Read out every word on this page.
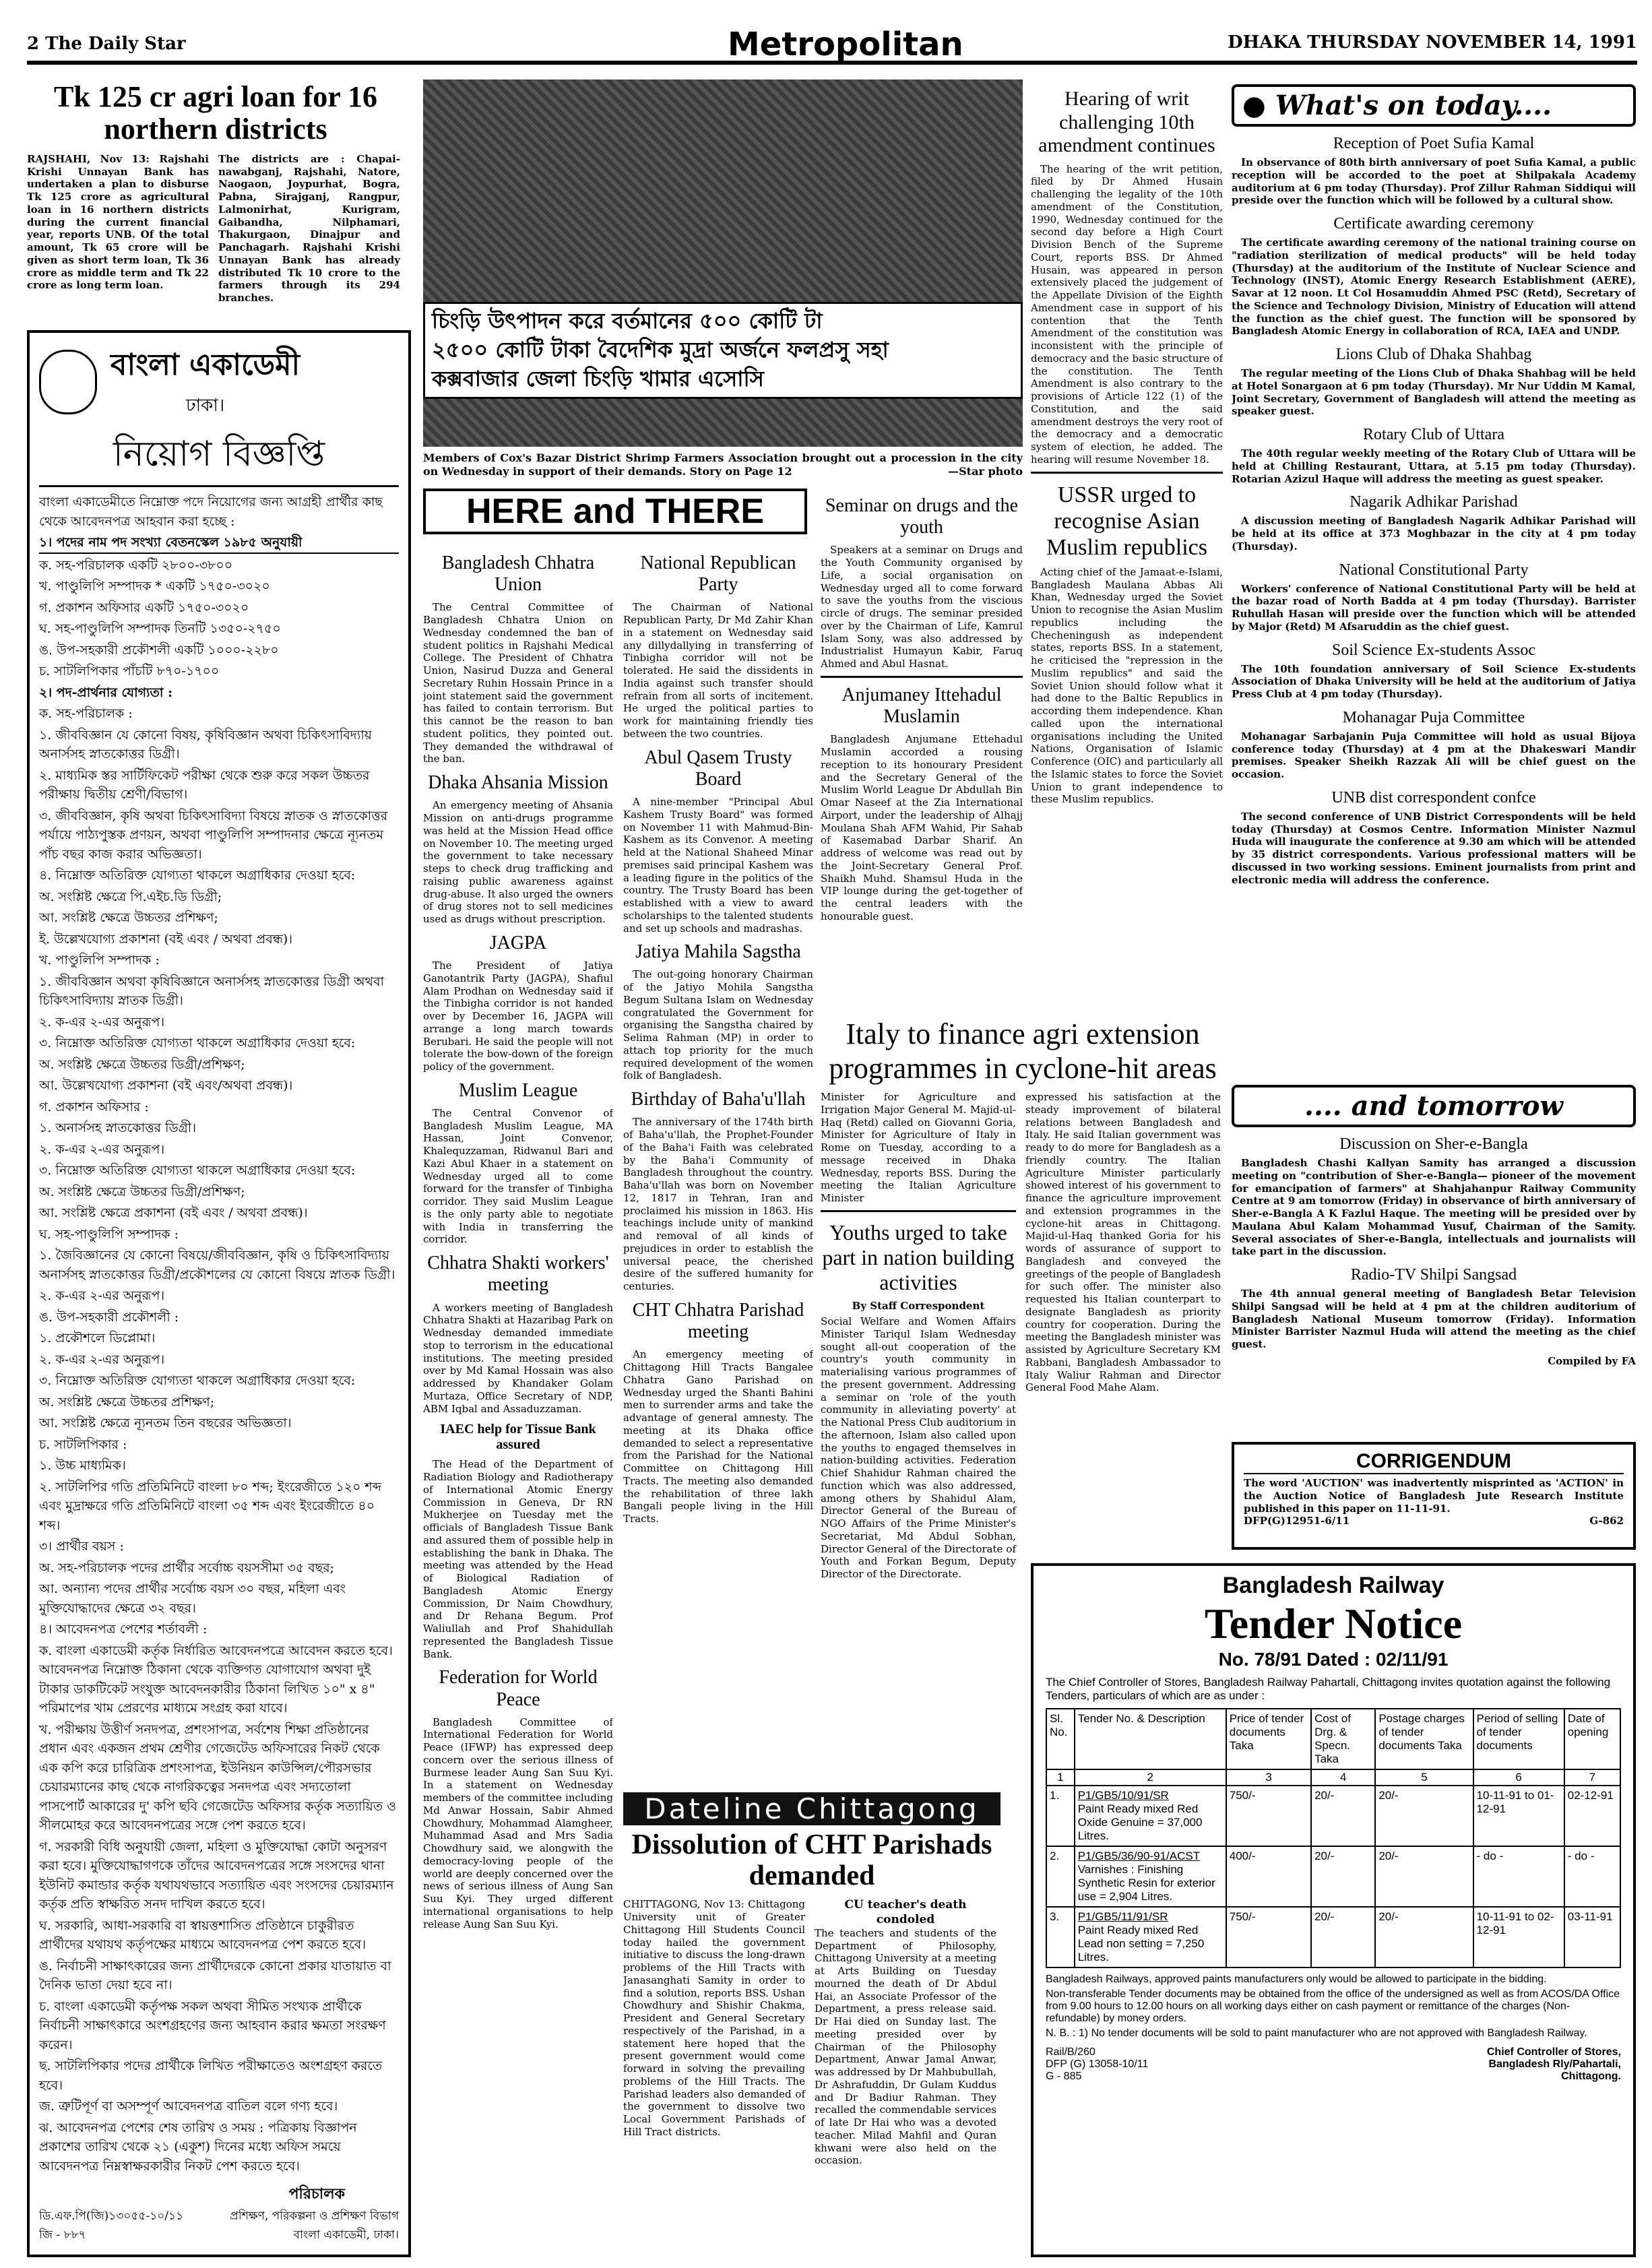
2 The Daily Star	Metropolitan	DHAKA THURSDAY NOVEMBER 14, 1991
Tk 125 cr agri loan for 16 northern districts
RAJSHAHI, Nov 13: Rajshahi Krishi Unnayan Bank has undertaken a plan to disburse Tk 125 crore as agricultural loan in 16 northern districts during the current financial year, reports UNB. Of the total amount, Tk 65 crore will be given as short term loan, Tk 36 crore as middle term and Tk 22 crore as long term loan.
The districts are : Chapai-nawabganj, Rajshahi, Natore, Naogaon, Joypurhat, Bogra, Pabna, Sirajganj, Rangpur, Lalmonirhat, Kurigram, Gaibandha, Nilphamari, Thakurgaon, Dinajpur and Panchagarh. Rajshahi Krishi Unnayan Bank has already distributed Tk 10 crore to the farmers through its 294 branches.
বাংলা একাডেমী
ঢাকা।
নিয়োগ বিজ্ঞপ্তি

বাংলা একাডেমীতে নিম্নোক্ত পদে নিয়োগের জন্য আগ্রহী প্রার্থীর কাছ থেকে আবেদনপত্র আহবান করা হচ্ছে :

১। পদের নাম পদ সংখ্যা বেতনস্কেল ১৯৮৫ অনুযায়ী

ক. সহ-পরিচালক একটি ২৮০০-৩৮০০

খ. পাণ্ডুলিপি সম্পাদক * একটি ১৭৫০-৩০২০

গ. প্রকাশন অফিসার একটি ১৭৫০-৩০২০

ঘ. সহ-পাণ্ডুলিপি সম্পাদক তিনটি ১৩৫০-২৭৫০

ঙ. উপ-সহকারী প্রকৌশলী একটি ১০০০-২২৮০

চ. সাটলিপিকার পাঁচটি ৮৭০-১৭০০

২। পদ-প্রার্থনার যোগ্যতা :

ক. সহ-পরিচালক :

১. জীববিজ্ঞান যে কোনো বিষয়, কৃষিবিজ্ঞান অথবা চিকিৎসাবিদ্যায় অনার্সসহ স্নাতকোত্তর ডিগ্রী।

২. মাধ্যমিক স্তর সার্টিফিকেট পরীক্ষা থেকে শুরু করে সকল উচ্চতর পরীক্ষায় দ্বিতীয় শ্রেণী/বিভাগ।

৩. জীববিজ্ঞান, কৃষি অথবা চিকিৎসাবিদ্যা বিষয়ে স্নাতক ও স্নাতকোত্তর পর্যায়ে পাঠ্যপুস্তক প্রণয়ন, অথবা পাণ্ডুলিপি সম্পাদনার ক্ষেত্রে ন্যূনতম পাঁচ বছর কাজ করার অভিজ্ঞতা।

৪. নিম্নোক্ত অতিরিক্ত যোগ্যতা থাকলে অগ্রাধিকার দেওয়া হবে:

অ. সংশ্লিষ্ট ক্ষেত্রে পি.এইচ.ডি ডিগ্রী;

আ. সংশ্লিষ্ট ক্ষেত্রে উচ্চতর প্রশিক্ষণ;

ই. উল্লেখযোগ্য প্রকাশনা (বই এবং / অথবা প্রবন্ধ)।

খ. পাণ্ডুলিপি সম্পাদক :

১. জীববিজ্ঞান অথবা কৃষিবিজ্ঞানে অনার্সসহ স্নাতকোত্তর ডিগ্রী অথবা চিকিৎসাবিদ্যায় স্নাতক ডিগ্রী।

২. ক-এর ২-এর অনুরূপ।

৩. নিম্নোক্ত অতিরিক্ত যোগ্যতা থাকলে অগ্রাধিকার দেওয়া হবে:

অ. সংশ্লিষ্ট ক্ষেত্রে উচ্চতর ডিগ্রী/প্রশিক্ষণ;

আ. উল্লেখযোগ্য প্রকাশনা (বই এবং/অথবা প্রবন্ধ)।

গ. প্রকাশন অফিসার :

১. অনার্সসহ স্নাতকোত্তর ডিগ্রী।

২. ক-এর ২-এর অনুরূপ।

৩. নিম্নোক্ত অতিরিক্ত যোগ্যতা থাকলে অগ্রাধিকার দেওয়া হবে:

অ. সংশ্লিষ্ট ক্ষেত্রে উচ্চতর ডিগ্রী/প্রশিক্ষণ;

আ. সংশ্লিষ্ট ক্ষেত্রে প্রকাশনা (বই এবং / অথবা প্রবন্ধ)।

ঘ. সহ-পাণ্ডুলিপি সম্পাদক :

১. জৈবিজ্ঞানের যে কোনো বিষয়ে/জীববিজ্ঞান, কৃষি ও চিকিৎসাবিদ্যায় অনার্সসহ স্নাতকোত্তর ডিগ্রী/প্রকৌশলের যে কোনো বিষয়ে স্নাতক ডিগ্রী।

২. ক-এর ২-এর অনুরূপ।

ঙ. উপ-সহকারী প্রকৌশলী :

১. প্রকৌশলে ডিপ্লোমা।

২. ক-এর ২-এর অনুরূপ।

৩. নিম্নোক্ত অতিরিক্ত যোগ্যতা থাকলে অগ্রাধিকার দেওয়া হবে:

অ. সংশ্লিষ্ট ক্ষেত্রে উচ্চতর প্রশিক্ষণ;

আ. সংশ্লিষ্ট ক্ষেত্রে ন্যূনতম তিন বছরের অভিজ্ঞতা।

চ. সাটলিপিকার :

১. উচ্চ মাধ্যমিক।

২. সাটলিপির গতি প্রতিমিনিটে বাংলা ৮০ শব্দ; ইংরেজীতে ১২০ শব্দ এবং মুদ্রাক্ষরে গতি প্রতিমিনিটে বাংলা ৩৫ শব্দ এবং ইংরেজীতে ৪০ শব্দ।

৩। প্রার্থীর বয়স :

অ. সহ-পরিচালক পদের প্রার্থীর সর্বোচ্চ বয়সসীমা ৩৫ বছর;

আ. অন্যান্য পদের প্রার্থীর সর্বোচ্চ বয়স ৩০ বছর, মহিলা এবং মুক্তিযোদ্ধাদের ক্ষেত্রে ৩২ বছর।

৪। আবেদনপত্র পেশের শর্তাবলী :

ক. বাংলা একাডেমী কর্তৃক নির্ধারিত আবেদনপত্রে আবেদন করতে হবে। আবেদনপত্র নিম্নোক্ত ঠিকানা থেকে ব্যক্তিগত যোগাযোগ অথবা দুই টাকার ডাকটিকেট সংযুক্ত আবেদনকারীর ঠিকানা লিখিত ১০" x ৪" পরিমাপের খাম প্রেরণের মাধ্যমে সংগ্রহ করা যাবে।

খ. পরীক্ষায় উত্তীর্ণ সনদপত্র, প্রশংসাপত্র, সর্বশেষ শিক্ষা প্রতিষ্ঠানের প্রধান এবং একজন প্রথম শ্রেণীর গেজেটেড অফিসারের নিকট থেকে এক কপি করে চারিত্রিক প্রশংসাপত্র, ইউনিয়ন কাউন্সিল/পৌরসভার চেয়ারম্যানের কাছ থেকে নাগরিকত্বের সনদপত্র এবং সদ্যতোলা পাসপোর্ট আকারের দু' কপি ছবি গেজেটেড অফিসার কর্তৃক সত্যায়িত ও সীলমোহর করে আবেদনপত্রের সঙ্গে পেশ করতে হবে।

গ. সরকারী বিধি অনুযায়ী জেলা, মহিলা ও মুক্তিযোদ্ধা কোটা অনুসরণ করা হবে। মুক্তিযোদ্ধাগণকে তাঁদের আবেদনপত্রের সঙ্গে সংসদের থানা ইউনিট কমান্ডার কর্তৃক যথাযথভাবে সত্যায়িত এবং সংসদের চেয়ারম্যান কর্তৃক প্রতি স্বাক্ষরিত সনদ দাখিল করতে হবে।

ঘ. সরকারি, আধা-সরকারি বা স্বায়ত্তশাসিত প্রতিষ্ঠানে চাকুরীরত প্রার্থীদের যথাযথ কর্তৃপক্ষের মাধ্যমে আবেদনপত্র পেশ করতে হবে।

ঙ. নির্বাচনী সাক্ষাৎকারের জন্য প্রার্থীদেরকে কোনো প্রকার যাতায়াত বা দৈনিক ভাতা দেয়া হবে না।

চ. বাংলা একাডেমী কর্তৃপক্ষ সকল অথবা সীমিত সংখ্যক প্রার্থীকে নির্বাচনী সাক্ষাৎকারে অংশগ্রহণের জন্য আহবান করার ক্ষমতা সংরক্ষণ করেন।

ছ. সাটলিপিকার পদের প্রার্থীকে লিখিত পরীক্ষাতেও অংশগ্রহণ করতে হবে।

জ. ত্রুটিপূর্ণ বা অসম্পূর্ণ আবেদনপত্র বাতিল বলে গণ্য হবে।

ঝ. আবেদনপত্র পেশের শেষ তারিখ ও সময় : পত্রিকায় বিজ্ঞাপন প্রকাশের তারিখ থেকে ২১ (একুশ) দিনের মধ্যে অফিস সময়ে আবেদনপত্র নিম্নস্বাক্ষরকারীর নিকট পেশ করতে হবে।

পরিচালক
ডি.এফ.পি(জি)১৩০৫৫-১০/১১
জি - ৮৮৭
প্রশিক্ষণ, পরিকল্পনা ও প্রশিক্ষণ বিভাগ
বাংলা একাডেমী, ঢাকা।
চিংড়ি উৎপাদন করে বর্তমানের ৫০০ কোটি টা
২৫০০ কোটি টাকা বৈদেশিক মুদ্রা অর্জনে ফলপ্রসু সহা
কক্সবাজার জেলা চিংড়ি খামার এসোসি
Members of Cox's Bazar District Shrimp Farmers Association brought out a procession in the city on Wednesday in support of their demands. Story on Page 12	—Star photo
HERE and THERE
Bangladesh Chhatra Union

The Central Committee of Bangladesh Chhatra Union on Wednesday condemned the ban of student politics in Rajshahi Medical College. The President of Chhatra Union, Nasirud Duzza and General Secretary Ruhin Hossain Prince in a joint statement said the government has failed to contain terrorism. But this cannot be the reason to ban student politics, they pointed out. They demanded the withdrawal of the ban.

Dhaka Ahsania Mission

An emergency meeting of Ahsania Mission on anti-drugs programme was held at the Mission Head office on November 10. The meeting urged the government to take necessary steps to check drug trafficking and raising public awareness against drug-abuse. It also urged the owners of drug stores not to sell medicines used as drugs without prescription.

JAGPA

The President of Jatiya Ganotantrik Party (JAGPA), Shafiul Alam Prodhan on Wednesday said if the Tinbigha corridor is not handed over by December 16, JAGPA will arrange a long march towards Berubari. He said the people will not tolerate the bow-down of the foreign policy of the government.

Muslim League

The Central Convenor of Bangladesh Muslim League, MA Hassan, Joint Convenor, Khalequzzaman, Ridwanul Bari and Kazi Abul Khaer in a statement on Wednesday urged all to come forward for the transfer of Tinbigha corridor. They said Muslim League is the only party able to negotiate with India in transferring the corridor.

Chhatra Shakti workers' meeting

A workers meeting of Bangladesh Chhatra Shakti at Hazaribag Park on Wednesday demanded immediate stop to terrorism in the educational institutions. The meeting presided over by Md Kamal Hossain was also addressed by Khandaker Golam Murtaza, Office Secretary of NDP, ABM Iqbal and Assaduzzaman.

IAEC help for Tissue Bank assured

The Head of the Department of Radiation Biology and Radiotherapy of International Atomic Energy Commission in Geneva, Dr RN Mukherjee on Tuesday met the officials of Bangladesh Tissue Bank and assured them of possible help in establishing the bank in Dhaka. The meeting was attended by the Head of Biological Radiation of Bangladesh Atomic Energy Commission, Dr Naim Chowdhury, and Dr Rehana Begum. Prof Waliullah and Prof Shahidullah represented the Bangladesh Tissue Bank.

Federation for World Peace

Bangladesh Committee of International Federation for World Peace (IFWP) has expressed deep concern over the serious illness of Burmese leader Aung San Suu Kyi. In a statement on Wednesday members of the committee including Md Anwar Hossain, Sabir Ahmed Chowdhury, Mohammad Alamgheer, Muhammad Asad and Mrs Sadia Chowdhury said, we alongwith the democracy-loving people of the world are deeply concerned over the news of serious illness of Aung San Suu Kyi. They urged different international organisations to help release Aung San Suu Kyi.

National Republican Party

The Chairman of National Republican Party, Dr Md Zahir Khan in a statement on Wednesday said any dillydallying in transferring of Tinbigha corridor will not be tolerated. He said the dissidents in India against such transfer should refrain from all sorts of incitement. He urged the political parties to work for maintaining friendly ties between the two countries.

Abul Qasem Trusty Board

A nine-member "Principal Abul Kashem Trusty Board" was formed on November 11 with Mahmud-Bin-Kashem as its Convenor. A meeting held at the National Shaheed Minar premises said principal Kashem was a leading figure in the politics of the country. The Trusty Board has been established with a view to award scholarships to the talented students and set up schools and madrashas.

Jatiya Mahila Sagstha

The out-going honorary Chairman of the Jatiyo Mohila Sangstha Begum Sultana Islam on Wednesday congratulated the Government for organising the Sangstha chaired by Selima Rahman (MP) in order to attach top priority for the much required development of the women folk of Bangladesh.

Birthday of Baha'u'llah

The anniversary of the 174th birth of Baha'u'llah, the Prophet-Founder of the Baha'i Faith was celebrated by the Baha'i Community of Bangladesh throughout the country. Baha'u'llah was born on November 12, 1817 in Tehran, Iran and proclaimed his mission in 1863. His teachings include unity of mankind and removal of all kinds of prejudices in order to establish the universal peace, the cherished desire of the suffered humanity for centuries.

CHT Chhatra Parishad meeting

An emergency meeting of Chittagong Hill Tracts Bangalee Chhatra Gano Parishad on Wednesday urged the Shanti Bahini men to surrender arms and take the advantage of general amnesty. The meeting at its Dhaka office demanded to select a representative from the Parishad for the National Committee on Chittagong Hill Tracts. The meeting also demanded the rehabilitation of three lakh Bangali people living in the Hill Tracts.

Seminar on drugs and the youth

Speakers at a seminar on Drugs and the Youth Community organised by Life, a social organisation on Wednesday urged all to come forward to save the youths from the viscious circle of drugs. The seminar presided over by the Chairman of Life, Kamrul Islam Sony, was also addressed by Industrialist Humayun Kabir, Faruq Ahmed and Abul Hasnat.

Anjumaney Ittehadul Muslamin

Bangladesh Anjumane Ettehadul Muslamin accorded a rousing reception to its honourary President and the Secretary General of the Muslim World League Dr Abdullah Bin Omar Naseef at the Zia International Airport, under the leadership of Alhajj Moulana Shah AFM Wahid, Pir Sahab of Kasemabad Darbar Sharif. An address of welcome was read out by the Joint-Secretary General Prof. Shaikh Muhd. Shamsul Huda in the VIP lounge during the get-together of the central leaders with the honourable guest.

Hearing of writ challenging 10th amendment continues

The hearing of the writ petition, filed by Dr Ahmed Husain challenging the legality of the 10th amendment of the Constitution, 1990, Wednesday continued for the second day before a High Court Division Bench of the Supreme Court, reports BSS. Dr Ahmed Husain, was appeared in person extensively placed the judgement of the Appellate Division of the Eighth Amendment case in support of his contention that the Tenth Amendment of the constitution was inconsistent with the principle of democracy and the basic structure of the constitution. The Tenth Amendment is also contrary to the provisions of Article 122 (1) of the Constitution, and the said amendment destroys the very root of the democracy and a democratic system of election, he added. The hearing will resume November 18.

USSR urged to recognise Asian Muslim republics

Acting chief of the Jamaat-e-Islami, Bangladesh Maulana Abbas Ali Khan, Wednesday urged the Soviet Union to recognise the Asian Muslim republics including the Checheningush as independent states, reports BSS. In a statement, he criticised the "repression in the Muslim republics" and said the Soviet Union should follow what it had done to the Baltic Republics in according them independence. Khan called upon the international organisations including the United Nations, Organisation of Islamic Conference (OIC) and particularly all the Islamic states to force the Soviet Union to grant independence to these Muslim republics.

Italy to finance agri extension programmes in cyclone-hit areas
Minister for Agriculture and Irrigation Major General M. Majid-ul- Haq (Retd) called on Giovanni Goria, Minister for Agriculture of Italy in Rome on Tuesday, according to a message received in Dhaka Wednesday, reports BSS. During the meeting the Italian Agriculture Minister
Youths urged to take part in nation building activities
By Staff Correspondent
Social Welfare and Women Affairs Minister Tariqul Islam Wednesday sought all-out cooperation of the country's youth community in materialising various programmes of the present government. Addressing a seminar on 'role of the youth community in alleviating poverty' at the National Press Club auditorium in the afternoon, Islam also called upon the youths to engaged themselves in nation-building activities. Federation Chief Shahidur Rahman chaired the function which was also addressed, among others by Shahidul Alam, Director General of the Bureau of NGO Affairs of the Prime Minister's Secretariat, Md Abdul Sobhan, Director General of the Directorate of Youth and Forkan Begum, Deputy Director of the Directorate.
expressed his satisfaction at the steady improvement of bilateral relations between Bangladesh and Italy. He said Italian government was ready to do more for Bangladesh as a friendly country. The Italian Agriculture Minister particularly showed interest of his government to finance the agriculture improvement and extension programmes in the cyclone-hit areas in Chittagong. Majid-ul-Haq thanked Goria for his words of assurance of support to Bangladesh and conveyed the greetings of the people of Bangladesh for such offer. The minister also requested his Italian counterpart to designate Bangladesh as priority country for cooperation. During the meeting the Bangladesh minister was assisted by Agriculture Secretary KM Rabbani, Bangladesh Ambassador to Italy Waliur Rahman and Director General Food Mahe Alam.
Dateline Chittagong
Dissolution of CHT Parishads demanded
CHITTAGONG, Nov 13: Chittagong University unit of Greater Chittagong Hill Students Council today hailed the government initiative to discuss the long-drawn problems of the Hill Tracts with Janasanghati Samity in order to find a solution, reports BSS. Ushan Chowdhury and Shishir Chakma, President and General Secretary respectively of the Parishad, in a statement here hoped that the present government would come forward in solving the prevailing problems of the Hill Tracts. The Parishad leaders also demanded of the government to dissolve two Local Government Parishads of Hill Tract districts.
CU teacher's death condoled
The teachers and students of the Department of Philosophy, Chittagong University at a meeting at Arts Building on Tuesday mourned the death of Dr Abdul Hai, an Associate Professor of the Department, a press release said. Dr Hai died on Sunday last. The meeting presided over by Chairman of the Philosophy Department, Anwar Jamal Anwar, was addressed by Dr Mahbubullah, Dr Ashrafuddin, Dr Gulam Kuddus and Dr Badiur Rahman. They recalled the commendable services of late Dr Hai who was a devoted teacher. Milad Mahfil and Quran khwani were also held on the occasion.
● What's on today....
Reception of Poet Sufia Kamal

In observance of 80th birth anniversary of poet Sufia Kamal, a public reception will be accorded to the poet at Shilpakala Academy auditorium at 6 pm today (Thursday). Prof Zillur Rahman Siddiqui will preside over the function which will be followed by a cultural show.

Certificate awarding ceremony

The certificate awarding ceremony of the national training course on "radiation sterilization of medical products" will be held today (Thursday) at the auditorium of the Institute of Nuclear Science and Technology (INST), Atomic Energy Research Establishment (AERE), Savar at 12 noon. Lt Col Hosamuddin Ahmed PSC (Retd), Secretary of the Science and Technology Division, Ministry of Education will attend the function as the chief guest. The function will be sponsored by Bangladesh Atomic Energy in collaboration of RCA, IAEA and UNDP.

Lions Club of Dhaka Shahbag

The regular meeting of the Lions Club of Dhaka Shahbag will be held at Hotel Sonargaon at 6 pm today (Thursday). Mr Nur Uddin M Kamal, Joint Secretary, Government of Bangladesh will attend the meeting as speaker guest.

Rotary Club of Uttara

The 40th regular weekly meeting of the Rotary Club of Uttara will be held at Chilling Restaurant, Uttara, at 5.15 pm today (Thursday). Rotarian Azizul Haque will address the meeting as guest speaker.

Nagarik Adhikar Parishad

A discussion meeting of Bangladesh Nagarik Adhikar Parishad will be held at its office at 373 Moghbazar in the city at 4 pm today (Thursday).

National Constitutional Party

Workers' conference of National Constitutional Party will be held at the bazar road of North Badda at 4 pm today (Thursday). Barrister Ruhullah Hasan will preside over the function which will be attended by Major (Retd) M Afsaruddin as the chief guest.

Soil Science Ex-students Assoc

The 10th foundation anniversary of Soil Science Ex-students Association of Dhaka University will be held at the auditorium of Jatiya Press Club at 4 pm today (Thursday).

Mohanagar Puja Committee

Mohanagar Sarbajanin Puja Committee will hold as usual Bijoya conference today (Thursday) at 4 pm at the Dhakeswari Mandir premises. Speaker Sheikh Razzak Ali will be chief guest on the occasion.

UNB dist correspondent confce

The second conference of UNB District Correspondents will be held today (Thursday) at Cosmos Centre. Information Minister Nazmul Huda will inaugurate the conference at 9.30 am which will be attended by 35 district correspondents. Various professional matters will be discussed in two working sessions. Eminent journalists from print and electronic media will address the conference.

.... and tomorrow
Discussion on Sher-e-Bangla

Bangladesh Chashi Kallyan Samity has arranged a discussion meeting on "contribution of Sher-e-Bangla— pioneer of the movement for emancipation of farmers" at Shahjahanpur Railway Community Centre at 9 am tomorrow (Friday) in observance of birth anniversary of Sher-e-Bangla A K Fazlul Haque. The meeting will be presided over by Maulana Abul Kalam Mohammad Yusuf, Chairman of the Samity. Several associates of Sher-e-Bangla, intellectuals and journalists will take part in the discussion.

Radio-TV Shilpi Sangsad

The 4th annual general meeting of Bangladesh Betar Television Shilpi Sangsad will be held at 4 pm at the children auditorium of Bangladesh National Museum tomorrow (Friday). Information Minister Barrister Nazmul Huda will attend the meeting as the chief guest.

Compiled by FA
CORRIGENDUM
The word 'AUCTION' was inadvertently misprinted as 'ACTION' in the Auction Notice of Bangladesh Jute Research Institute published in this paper on 11-11-91.
DFP(G)12951-6/11	G-862
Bangladesh Railway
Tender Notice
No. 78/91 Dated : 02/11/91
The Chief Controller of Stores, Bangladesh Railway Pahartali, Chittagong invites quotation against the following Tenders, particulars of which are as under :
Sl. No.	Tender No. & Description	Price of tender documents Taka	Cost of Drg. & Specn. Taka	Postage charges of tender documents Taka	Period of selling of tender documents	Date of opening
1	2	3	4	5	6	7
1.	P1/GB5/10/91/SR
Paint Ready mixed Red Oxide Genuine = 37,000 Litres.	750/-	20/-	20/-	10-11-91 to 01-12-91	02-12-91
2.	P1/GB5/36/90-91/ACST
Varnishes : Finishing Synthetic Resin for exterior use = 2,904 Litres.	400/-	20/-	20/-	- do -	- do -
3.	P1/GB5/11/91/SR
Paint Ready mixed Red Lead non setting = 7,250 Litres.	750/-	20/-	20/-	10-11-91 to 02-12-91	03-11-91

Bangladesh Railways, approved paints manufacturers only would be allowed to participate in the bidding.

Non-transferable Tender documents may be obtained from the office of the undersigned as well as from ACOS/DA Office from 9.00 hours to 12.00 hours on all working days either on cash payment or remittance of the charges (Non-refundable) by money orders.

N. B. : 1) No tender documents will be sold to paint manufacturer who are not approved with Bangladesh Railway.

Rail/B/260
DFP (G) 13058-10/11
G - 885
Chief Controller of Stores,
Bangladesh Rly/Pahartali,
Chittagong.
